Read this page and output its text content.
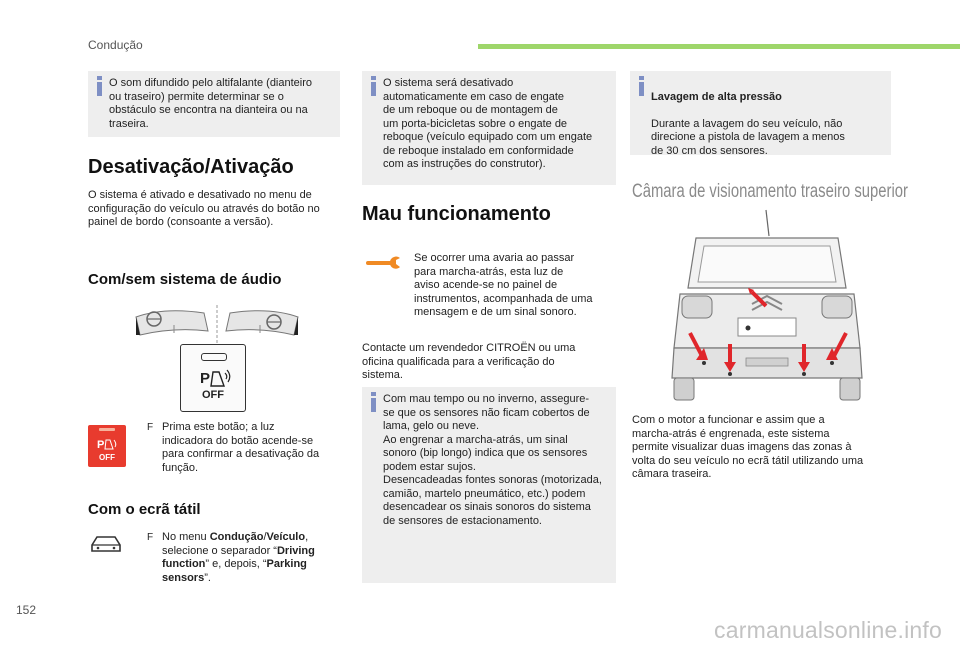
Condução
O som difundido pelo altifalante (dianteiro
ou traseiro) permite determinar se o
obstáculo se encontra na dianteira ou na
traseira.
Desativação/Ativação
O sistema é ativado e desativado no menu de
configuração do veículo ou através do botão no
painel de bordo (consoante a versão).
Com/sem sistema de áudio
P
OFF
P
OFF
F Prima este botão; a luz
indicadora do botão acende-se
para confirmar a desativação da
função.
Com o ecrã tátil
F No menu Condução/Veículo,
selecione o separador “Driving
function” e, depois, “Parking
sensors”.
O sistema será desativado
automaticamente em caso de engate
de um reboque ou de montagem de
um porta-bicicletas sobre o engate de
reboque (veículo equipado com um engate
de reboque instalado em conformidade
com as instruções do construtor).
Mau funcionamento
Se ocorrer uma avaria ao passar
para marcha-atrás, esta luz de
aviso acende-se no painel de
instrumentos, acompanhada de uma
mensagem e de um sinal sonoro.
Contacte um revendedor CITROËN ou uma
oficina qualificada para a verificação do
sistema.
Com mau tempo ou no inverno, assegure-
se que os sensores não ficam cobertos de
lama, gelo ou neve.
Ao engrenar a marcha-atrás, um sinal
sonoro (bip longo) indica que os sensores
podem estar sujos.
Desencadeadas fontes sonoras (motorizada,
camião, martelo pneumático, etc.) podem
desencadear os sinais sonoros do sistema
de sensores de estacionamento.

Lavagem de alta pressão

Durante a lavagem do seu veículo, não
direcione a pistola de lavagem a menos
de 30 cm dos sensores.

Câmara de visionamento traseiro superior
Com o motor a funcionar e assim que a
marcha-atrás é engrenada, este sistema
permite visualizar duas imagens das zonas à
volta do seu veículo no ecrã tátil utilizando uma
câmara traseira.
152
carmanualsonline.info
